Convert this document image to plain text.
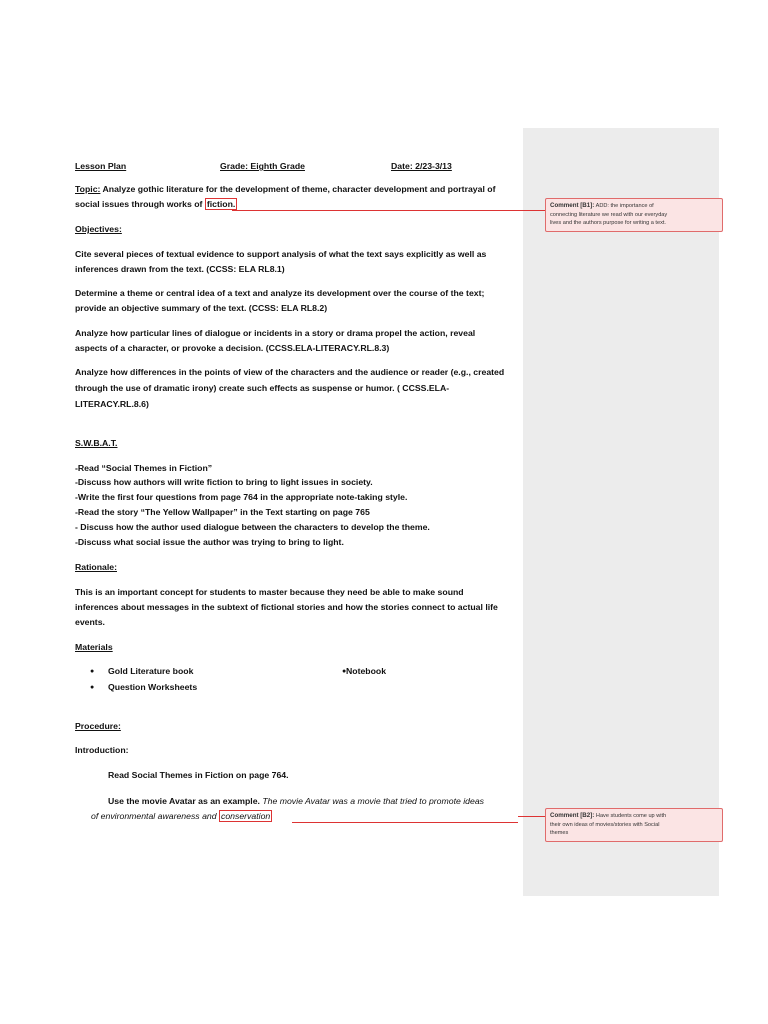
Lesson Plan	Grade: Eighth Grade	Date: 2/23-3/13
Topic: Analyze gothic literature for the development of theme, character development and portrayal of
social issues through works of fiction.
Objectives:
Cite several pieces of textual evidence to support analysis of what the text says explicitly as well as
inferences drawn from the text. (CCSS: ELA RL8.1)
Determine a theme or central idea of a text and analyze its development over the course of the text;
provide an objective summary of the text. (CCSS: ELA RL8.2)
Analyze how particular lines of dialogue or incidents in a story or drama propel the action, reveal
aspects of a character, or provoke a decision. (CCSS.ELA-LITERACY.RL.8.3)
Analyze how differences in the points of view of the characters and the audience or reader (e.g., created
through the use of dramatic irony) create such effects as suspense or humor. ( CCSS.ELA-
LITERACY.RL.8.6)
S.W.B.A.T.
-Read “Social Themes in Fiction”
-Discuss how authors will write fiction to bring to light issues in society.
-Write the first four questions from page 764 in the appropriate note-taking style.
-Read the story “The Yellow Wallpaper” in the Text starting on page 765
- Discuss how the author used dialogue between the characters to develop the theme.
-Discuss what social issue the author was trying to bring to light.
Rationale:
This is an important concept for students to master because they need be able to make sound
inferences about messages in the subtext of fictional stories and how the stories connect to actual life
events.
Materials
● Gold Literature book
● Question Worksheets
● Notebook
Procedure:
Introduction:
Read Social Themes in Fiction on page 764.
Use the movie Avatar as an example. The movie Avatar was a movie that tried to promote ideas
of environmental awareness and conservation
Comment [B1]: ADD: the importance of
connecting literature we read with our everyday
lives and the authors purpose for writing a text.
Comment [B2]: Have students come up with
their own ideas of movies/stories with Social
themes
